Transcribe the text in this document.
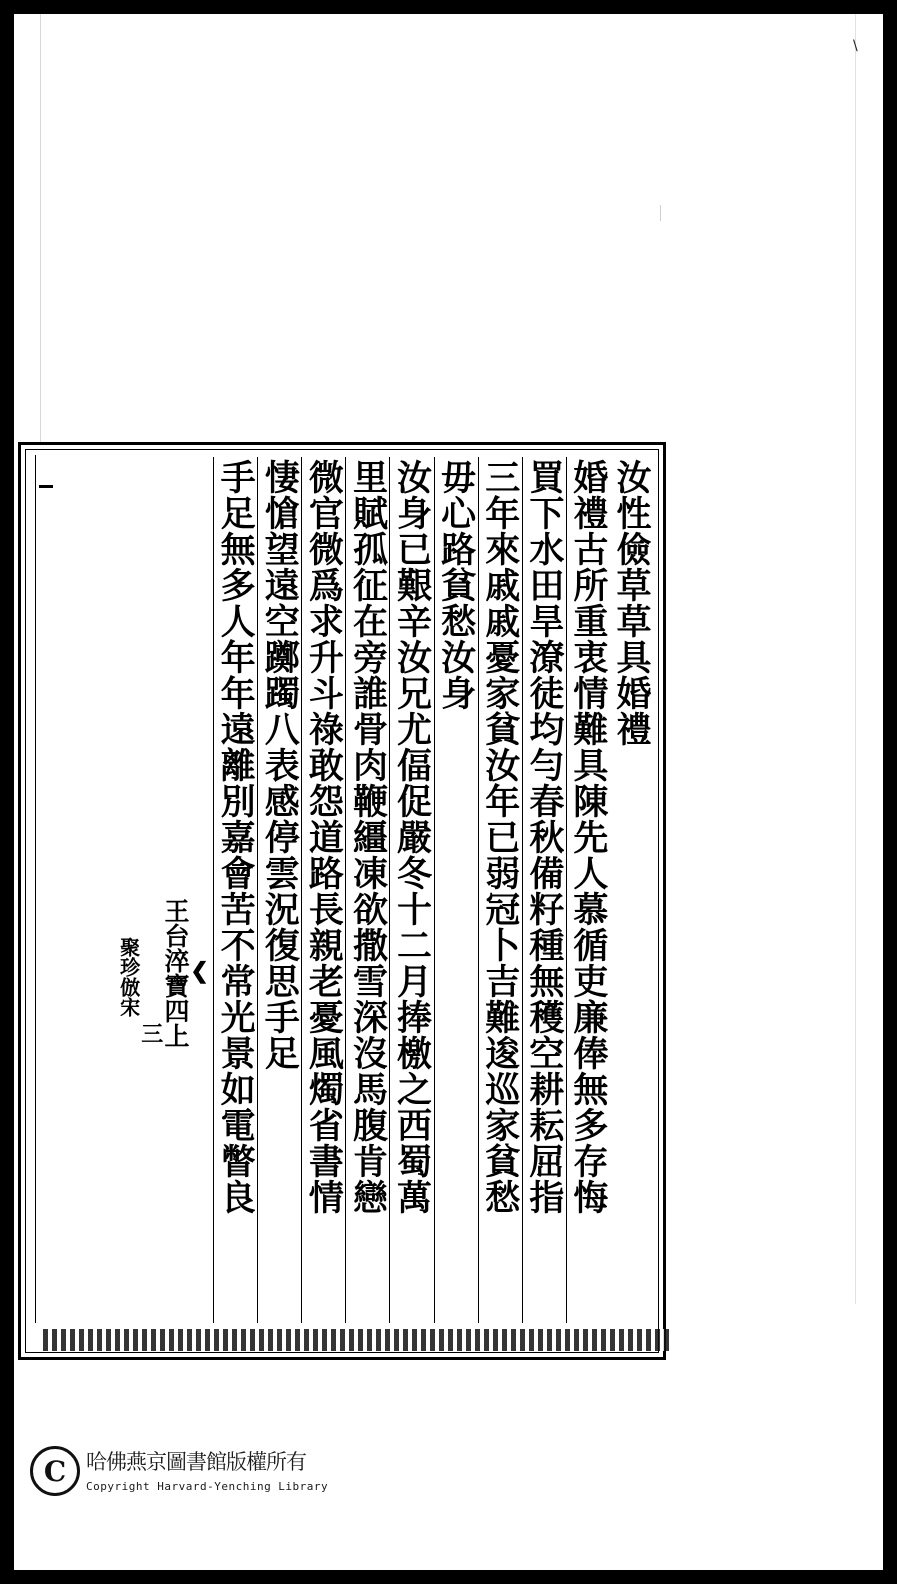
\
汝性儉草草具婚禮
婚禮古所重衷情難具陳先人慕循吏廉俸無多存悔
買下水田旱潦徒均勻春秋備籽種無穫空耕耘屈指
三年來戚戚憂家貧汝年已弱冠卜吉難逡巡家貧愁
毋心路貧愁汝身
汝身已艱辛汝兄尤偪促嚴冬十二月捧檄之西蜀萬
里賦孤征在旁誰骨肉鞭繮凍欲撒雪深沒馬腹肯戀
微官微爲求升斗祿敢怨道路長親老憂風燭省書情
悽愴望遠空躑躅八表感停雲況復思手足
手足無多人年年遠離別嘉會苦不常光景如電瞥良
❮
王台淬寶四上
三
聚珍倣宋
C 哈佛燕京圖書館版權所有
Copyright Harvard-Yenching Library
